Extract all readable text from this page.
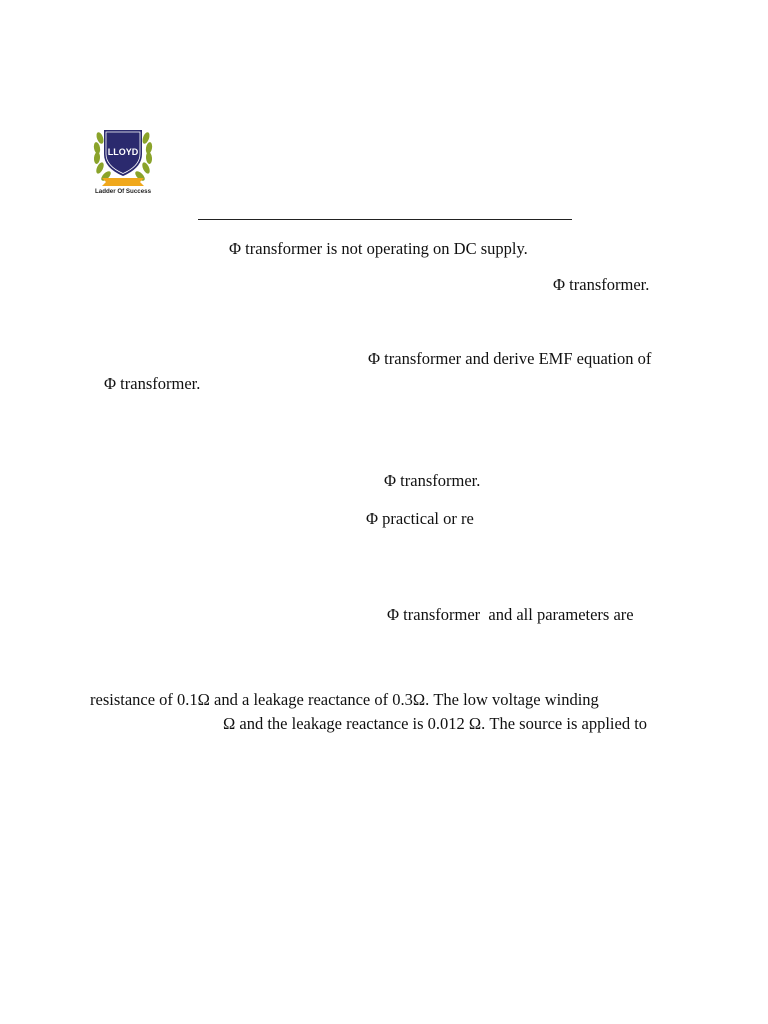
LLOYD
Ladder Of Success
Φ transformer is not operating on DC supply.
Φ transformer.
Φ transformer and derive EMF equation of
Φ transformer.
Φ transformer.
Φ practical or re
Φ transformer  and all parameters are
resistance of 0.1Ω and a leakage reactance of 0.3Ω. The low voltage winding
Ω and the leakage reactance is 0.012 Ω. The source is applied to
